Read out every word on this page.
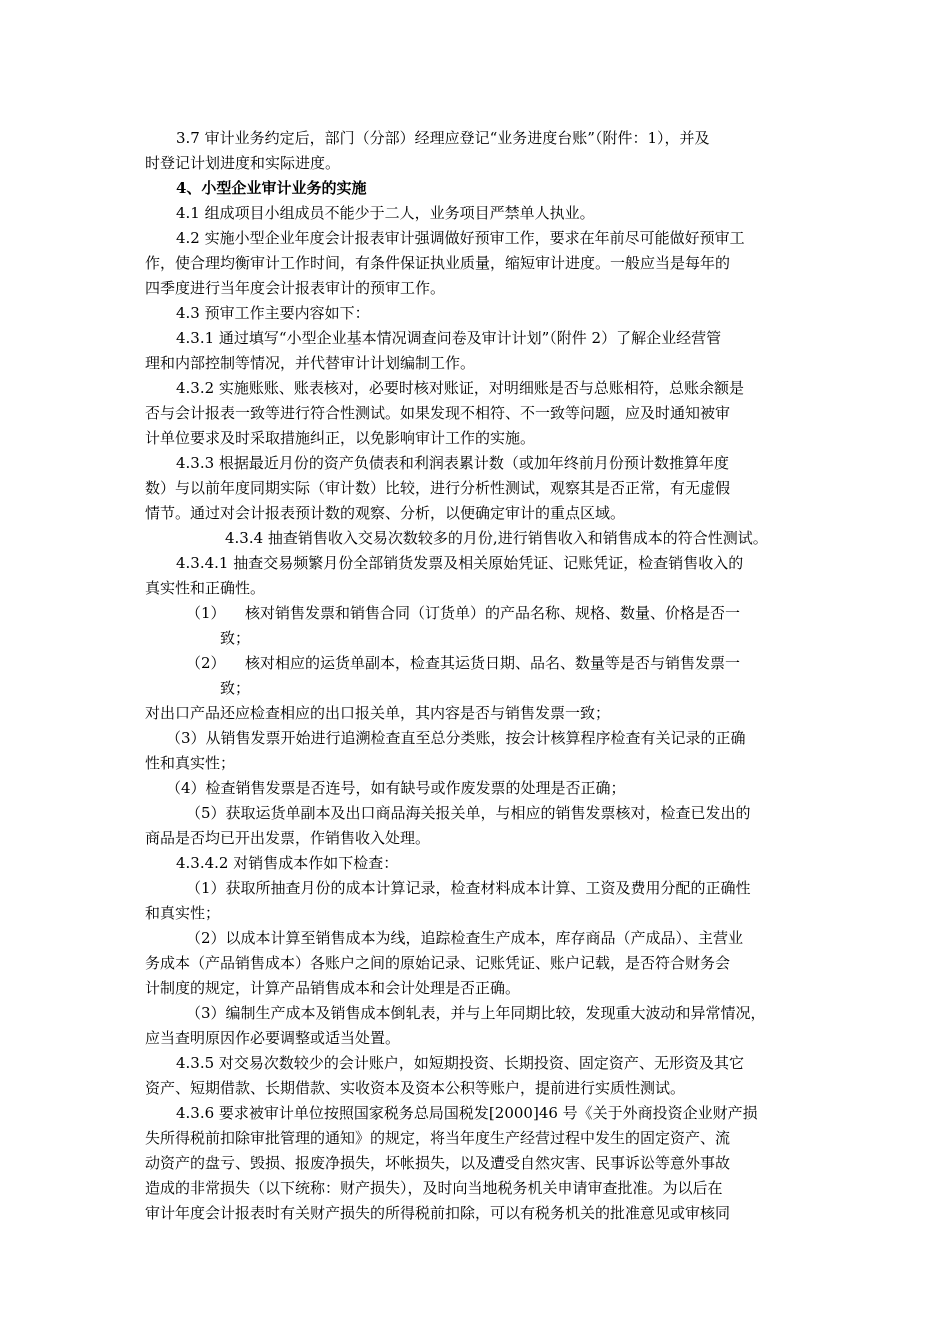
3.7 审计业务约定后，部门（分部）经理应登记“业务进度台账”（附件：1），并及
时登记计划进度和实际进度。
4、小型企业审计业务的实施
4.1 组成项目小组成员不能少于二人，业务项目严禁单人执业。
4.2 实施小型企业年度会计报表审计强调做好预审工作，要求在年前尽可能做好预审工
作，使合理均衡审计工作时间，有条件保证执业质量，缩短审计进度。一般应当是每年的
四季度进行当年度会计报表审计的预审工作。
4.3 预审工作主要内容如下：
4.3.1 通过填写“小型企业基本情况调查问卷及审计计划”（附件 2）了解企业经营管
理和内部控制等情况，并代替审计计划编制工作。
4.3.2 实施账账、账表核对，必要时核对账证，对明细账是否与总账相符，总账余额是
否与会计报表一致等进行符合性测试。如果发现不相符、不一致等问题，应及时通知被审
计单位要求及时采取措施纠正，以免影响审计工作的实施。
4.3.3 根据最近月份的资产负债表和利润表累计数（或加年终前月份预计数推算年度
数）与以前年度同期实际（审计数）比较，进行分析性测试，观察其是否正常，有无虚假
情节。通过对会计报表预计数的观察、分析，以便确定审计的重点区域。
4.3.4 抽查销售收入交易次数较多的月份,进行销售收入和销售成本的符合性测试。
4.3.4.1 抽查交易频繁月份全部销货发票及相关原始凭证、记账凭证，检查销售收入的
真实性和正确性。
（1） 核对销售发票和销售合同（订货单）的产品名称、规格、数量、价格是否一
致；
（2） 核对相应的运货单副本，检查其运货日期、品名、数量等是否与销售发票一
致；
对出口产品还应检查相应的出口报关单，其内容是否与销售发票一致；
（3）从销售发票开始进行追溯检查直至总分类账，按会计核算程序检查有关记录的正确
性和真实性；
（4）检查销售发票是否连号，如有缺号或作废发票的处理是否正确；
（5）获取运货单副本及出口商品海关报关单，与相应的销售发票核对，检查已发出的
商品是否均已开出发票，作销售收入处理。
4.3.4.2 对销售成本作如下检查：
（1）获取所抽查月份的成本计算记录，检查材料成本计算、工资及费用分配的正确性
和真实性；
（2）以成本计算至销售成本为线，追踪检查生产成本，库存商品（产成品）、主营业
务成本（产品销售成本）各账户之间的原始记录、记账凭证、账户记载，是否符合财务会
计制度的规定，计算产品销售成本和会计处理是否正确。
（3）编制生产成本及销售成本倒轧表，并与上年同期比较，发现重大波动和异常情况，
应当查明原因作必要调整或适当处置。
4.3.5 对交易次数较少的会计账户，如短期投资、长期投资、固定资产、无形资及其它
资产、短期借款、长期借款、实收资本及资本公积等账户，提前进行实质性测试。
4.3.6 要求被审计单位按照国家税务总局国税发[2000]46 号《关于外商投资企业财产损
失所得税前扣除审批管理的通知》的规定，将当年度生产经营过程中发生的固定资产、流
动资产的盘亏、毁损、报废净损失，坏帐损失，以及遭受自然灾害、民事诉讼等意外事故
造成的非常损失（以下统称：财产损失），及时向当地税务机关申请审查批准。为以后在
审计年度会计报表时有关财产损失的所得税前扣除，可以有税务机关的批准意见或审核同
